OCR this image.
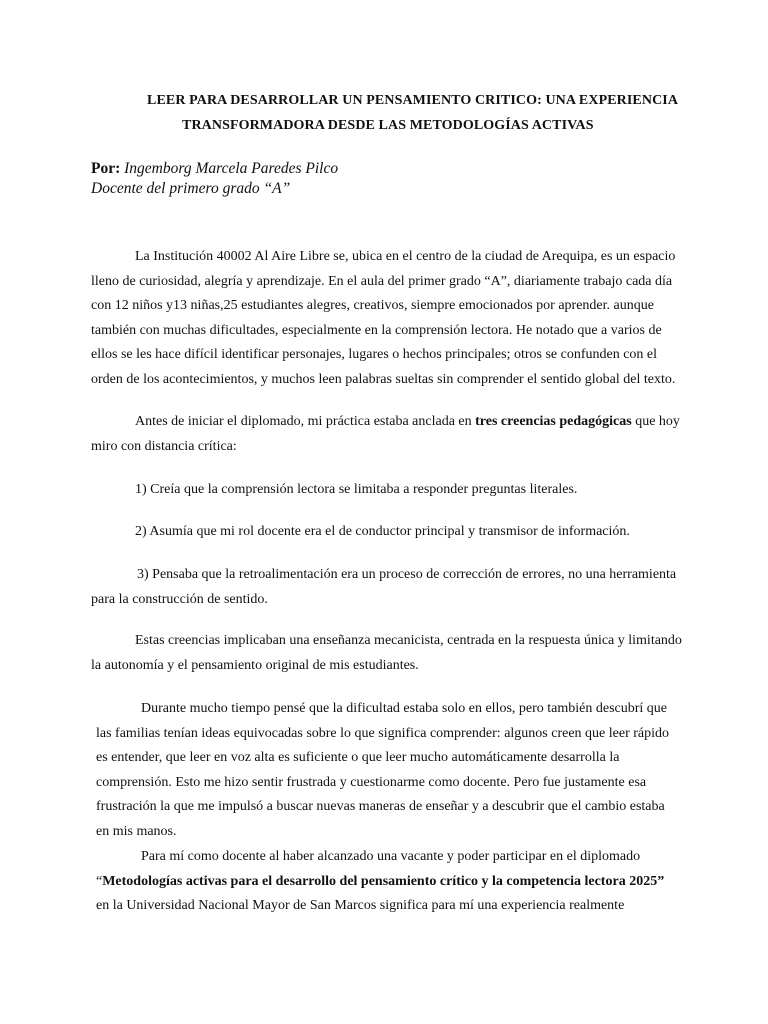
LEER PARA DESARROLLAR UN PENSAMIENTO CRITICO: UNA EXPERIENCIA
TRANSFORMADORA DESDE LAS METODOLOGÍAS ACTIVAS
Por: Ingemborg Marcela Paredes Pilco
Docente del primero grado “A”
La Institución 40002 Al Aire Libre se, ubica en el centro de la ciudad de Arequipa, es un espacio
lleno de curiosidad, alegría y aprendizaje. En el aula del primer grado “A”, diariamente trabajo cada día
con 12 niños y13 niñas,25 estudiantes alegres, creativos, siempre emocionados por aprender. aunque
también con muchas dificultades, especialmente en la comprensión lectora. He notado que a varios de
ellos se les hace difícil identificar personajes, lugares o hechos principales; otros se confunden con el
orden de los acontecimientos, y muchos leen palabras sueltas sin comprender el sentido global del texto.
Antes de iniciar el diplomado, mi práctica estaba anclada en tres creencias pedagógicas que hoy
miro con distancia crítica:
1) Creía que la comprensión lectora se limitaba a responder preguntas literales.
2) Asumía que mi rol docente era el de conductor principal y transmisor de información.
3) Pensaba que la retroalimentación era un proceso de corrección de errores, no una herramienta
para la construcción de sentido.
Estas creencias implicaban una enseñanza mecanicista, centrada en la respuesta única y limitando
la autonomía y el pensamiento original de mis estudiantes.
Durante mucho tiempo pensé que la dificultad estaba solo en ellos, pero también descubrí que
las familias tenían ideas equivocadas sobre lo que significa comprender: algunos creen que leer rápido
es entender, que leer en voz alta es suficiente o que leer mucho automáticamente desarrolla la
comprensión. Esto me hizo sentir frustrada y cuestionarme como docente. Pero fue justamente esa
frustración la que me impulsó a buscar nuevas maneras de enseñar y a descubrir que el cambio estaba
en mis manos.
Para mí como docente al haber alcanzado una vacante y poder participar en el diplomado
“Metodologías activas para el desarrollo del pensamiento crítico y la competencia lectora 2025”
en la Universidad Nacional Mayor de San Marcos significa para mí una experiencia realmente
